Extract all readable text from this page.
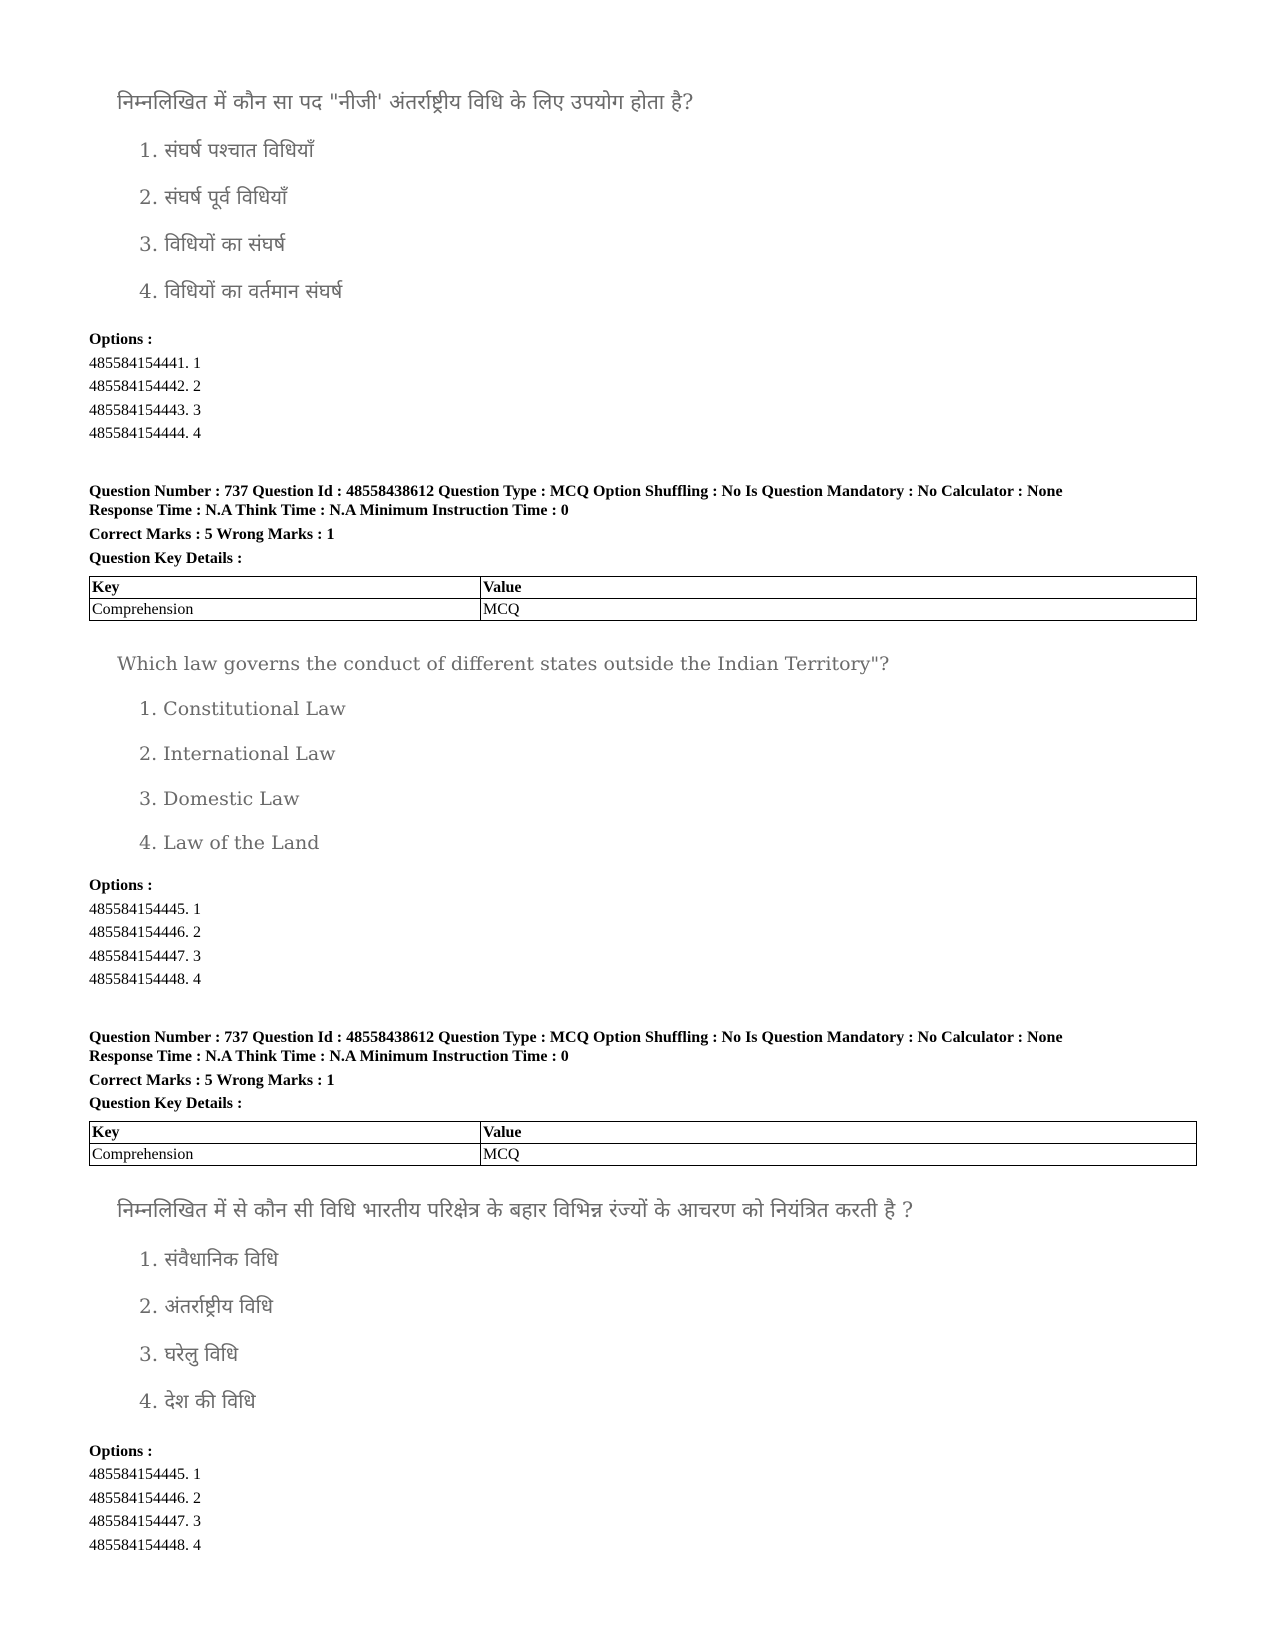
निम्नलिखित में कौन सा पद "नीजी' अंतर्राष्ट्रीय विधि के लिए उपयोग होता है?
1. संघर्ष पश्चात विधियाँ
2. संघर्ष पूर्व विधियाँ
3. विधियों का संघर्ष
4. विधियों का वर्तमान संघर्ष
Options :
485584154441. 1
485584154442. 2
485584154443. 3
485584154444. 4
Question Number : 737 Question Id : 48558438612 Question Type : MCQ Option Shuffling : No Is Question Mandatory : No Calculator : None
Response Time : N.A Think Time : N.A Minimum Instruction Time : 0
Correct Marks : 5 Wrong Marks : 1
Question Key Details :
Key	Value
Comprehension	MCQ
Which law governs the conduct of different states outside the Indian Territory"?
1. Constitutional Law
2. International Law
3. Domestic Law
4. Law of the Land
Options :
485584154445. 1
485584154446. 2
485584154447. 3
485584154448. 4
Question Number : 737 Question Id : 48558438612 Question Type : MCQ Option Shuffling : No Is Question Mandatory : No Calculator : None
Response Time : N.A Think Time : N.A Minimum Instruction Time : 0
Correct Marks : 5 Wrong Marks : 1
Question Key Details :
Key	Value
Comprehension	MCQ
निम्नलिखित में से कौन सी विधि भारतीय परिक्षेत्र के बहार विभिन्न रंज्यों के आचरण को नियंत्रित करती है ?
1. संवैधानिक विधि
2. अंतर्राष्ट्रीय विधि
3. घरेलु विधि
4. देश की विधि
Options :
485584154445. 1
485584154446. 2
485584154447. 3
485584154448. 4
